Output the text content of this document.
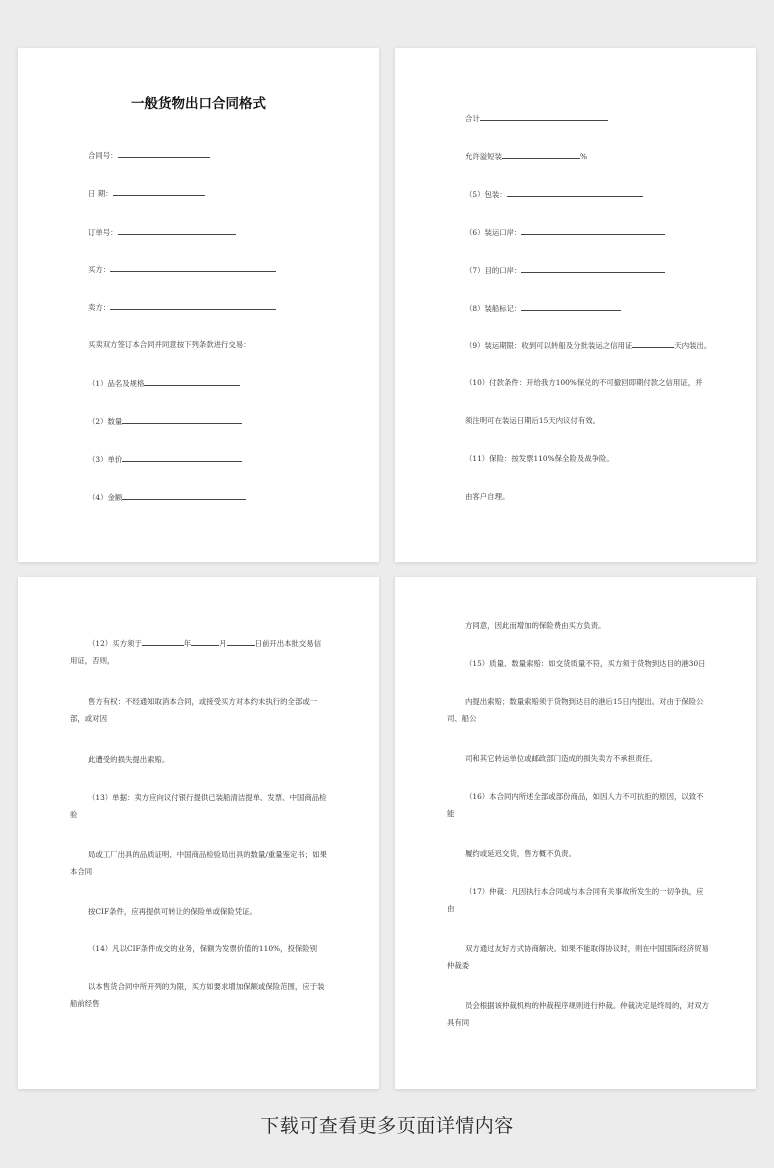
一般货物出口合同格式
合同号：
日 期：
订单号：
买方：
卖方：
买卖双方签订本合同并同意按下列条款进行交易：
（1）品名及规格
（2）数量
（3）单价
（4）金额
合计
允许溢短装	%
（5）包装：
（6）装运口岸：
（7）目的口岸：
（8）装船标记：
（9）装运期限：收到可以转船及分批装运之信用证	天内装出。
（10）付款条件：开给我方100%保兑的不可撤回即期付款之信用证，并
须注明可在装运日期后15天内议付有效。
（11）保险：按发票110%保全险及战争险。
由客户自理。
（12）买方须于	年	月	日前开出本批交易信用证，否则，
售方有权：不经通知取消本合同，或接受买方对本约未执行的全部或一部，或对因
此遭受的损失提出索赔。
（13）单据：卖方应向议付银行提供已装船清洁提单、发票、中国商品检验
局或工厂出具的品质证明、中国商品检验局出具的数量/重量鉴定书；如果本合同
按CIF条件，应再提供可转让的保险单或保险凭证。
（14）凡以CIF条件成交的业务，保额为发票价值的110%，投保险别
以本售货合同中所开列的为限，买方如要求增加保额或保险范围，应于装船前经售
方同意，因此而增加的保险费由买方负责。
（15）质量、数量索赔：如交货质量不符，买方须于货物到达目的港30日
内提出索赔；数量索赔须于货物到达目的港后15日内提出。对由于保险公司、船公
司和其它转运单位或邮政部门造成的损失卖方不承担责任。
（16）本合同内所述全部或部份商品，如因人力不可抗拒的原因，以致不能
履约或延迟交货，售方概不负责。
（17）仲裁：凡因执行本合同或与本合同有关事故所发生的一切争执，应由
双方通过友好方式协商解决。如果不能取得协议时，则在中国国际经济贸易仲裁委
员会根据该仲裁机构的仲裁程序规则进行仲裁。仲裁决定是终局的，对双方具有同
下载可查看更多页面详情内容
